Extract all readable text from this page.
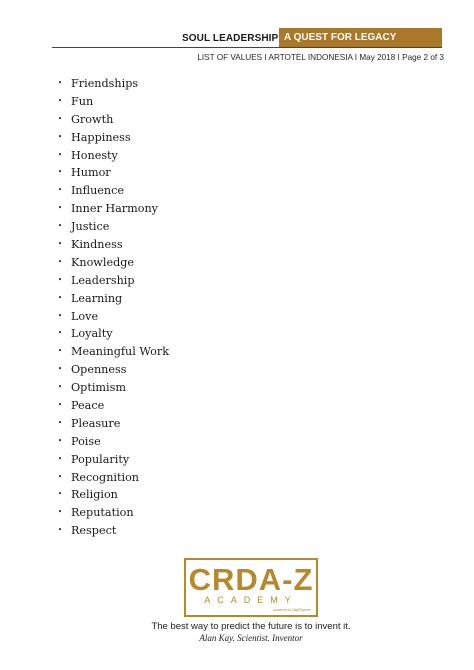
SOUL LEADERSHIP A QUEST FOR LEGACY
LIST OF VALUES I ARTOTEL INDONESIA I May 2018 I Page 2 of 3
• Friendships
• Fun
• Growth
• Happiness
• Honesty
• Humor
• Influence
• Inner Harmony
• Justice
• Kindness
• Knowledge
• Leadership
• Learning
• Love
• Loyalty
• Meaningful Work
• Openness
• Optimism
• Peace
• Pleasure
• Poise
• Popularity
• Recognition
• Religion
• Reputation
• Respect
CRDA-Z
ACADEMY
powered by DigiRhymes
The best way to predict the future is to invent it.
Alan Kay. Scientist. Inventor
